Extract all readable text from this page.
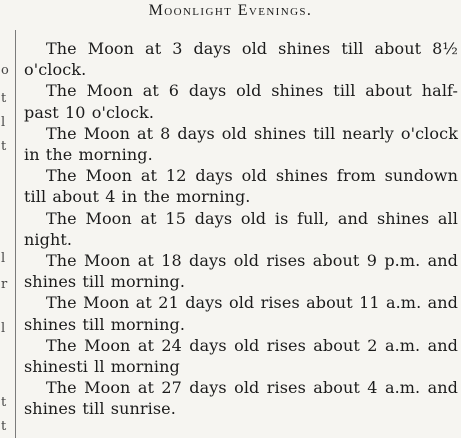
o
t
l
t
l
r
l
t
t
Moonlight Evenings.

The Moon at 3 days old shines till about 8½ o'clock.

The Moon at 6 days old shines till about half-past 10 o'clock.

The Moon at 8 days old shines till nearly o'clock in the morning.

The Moon at 12 days old shines from sundown till about 4 in the morning.

The Moon at 15 days old is full, and shines all night.

The Moon at 18 days old rises about 9 p.m. and shines till morning.

The Moon at 21 days old rises about 11 a.m. and shines till morning.

The Moon at 24 days old rises about 2 a.m. and shinesti ll morning

The Moon at 27 days old rises about 4 a.m. and shines till sunrise.
